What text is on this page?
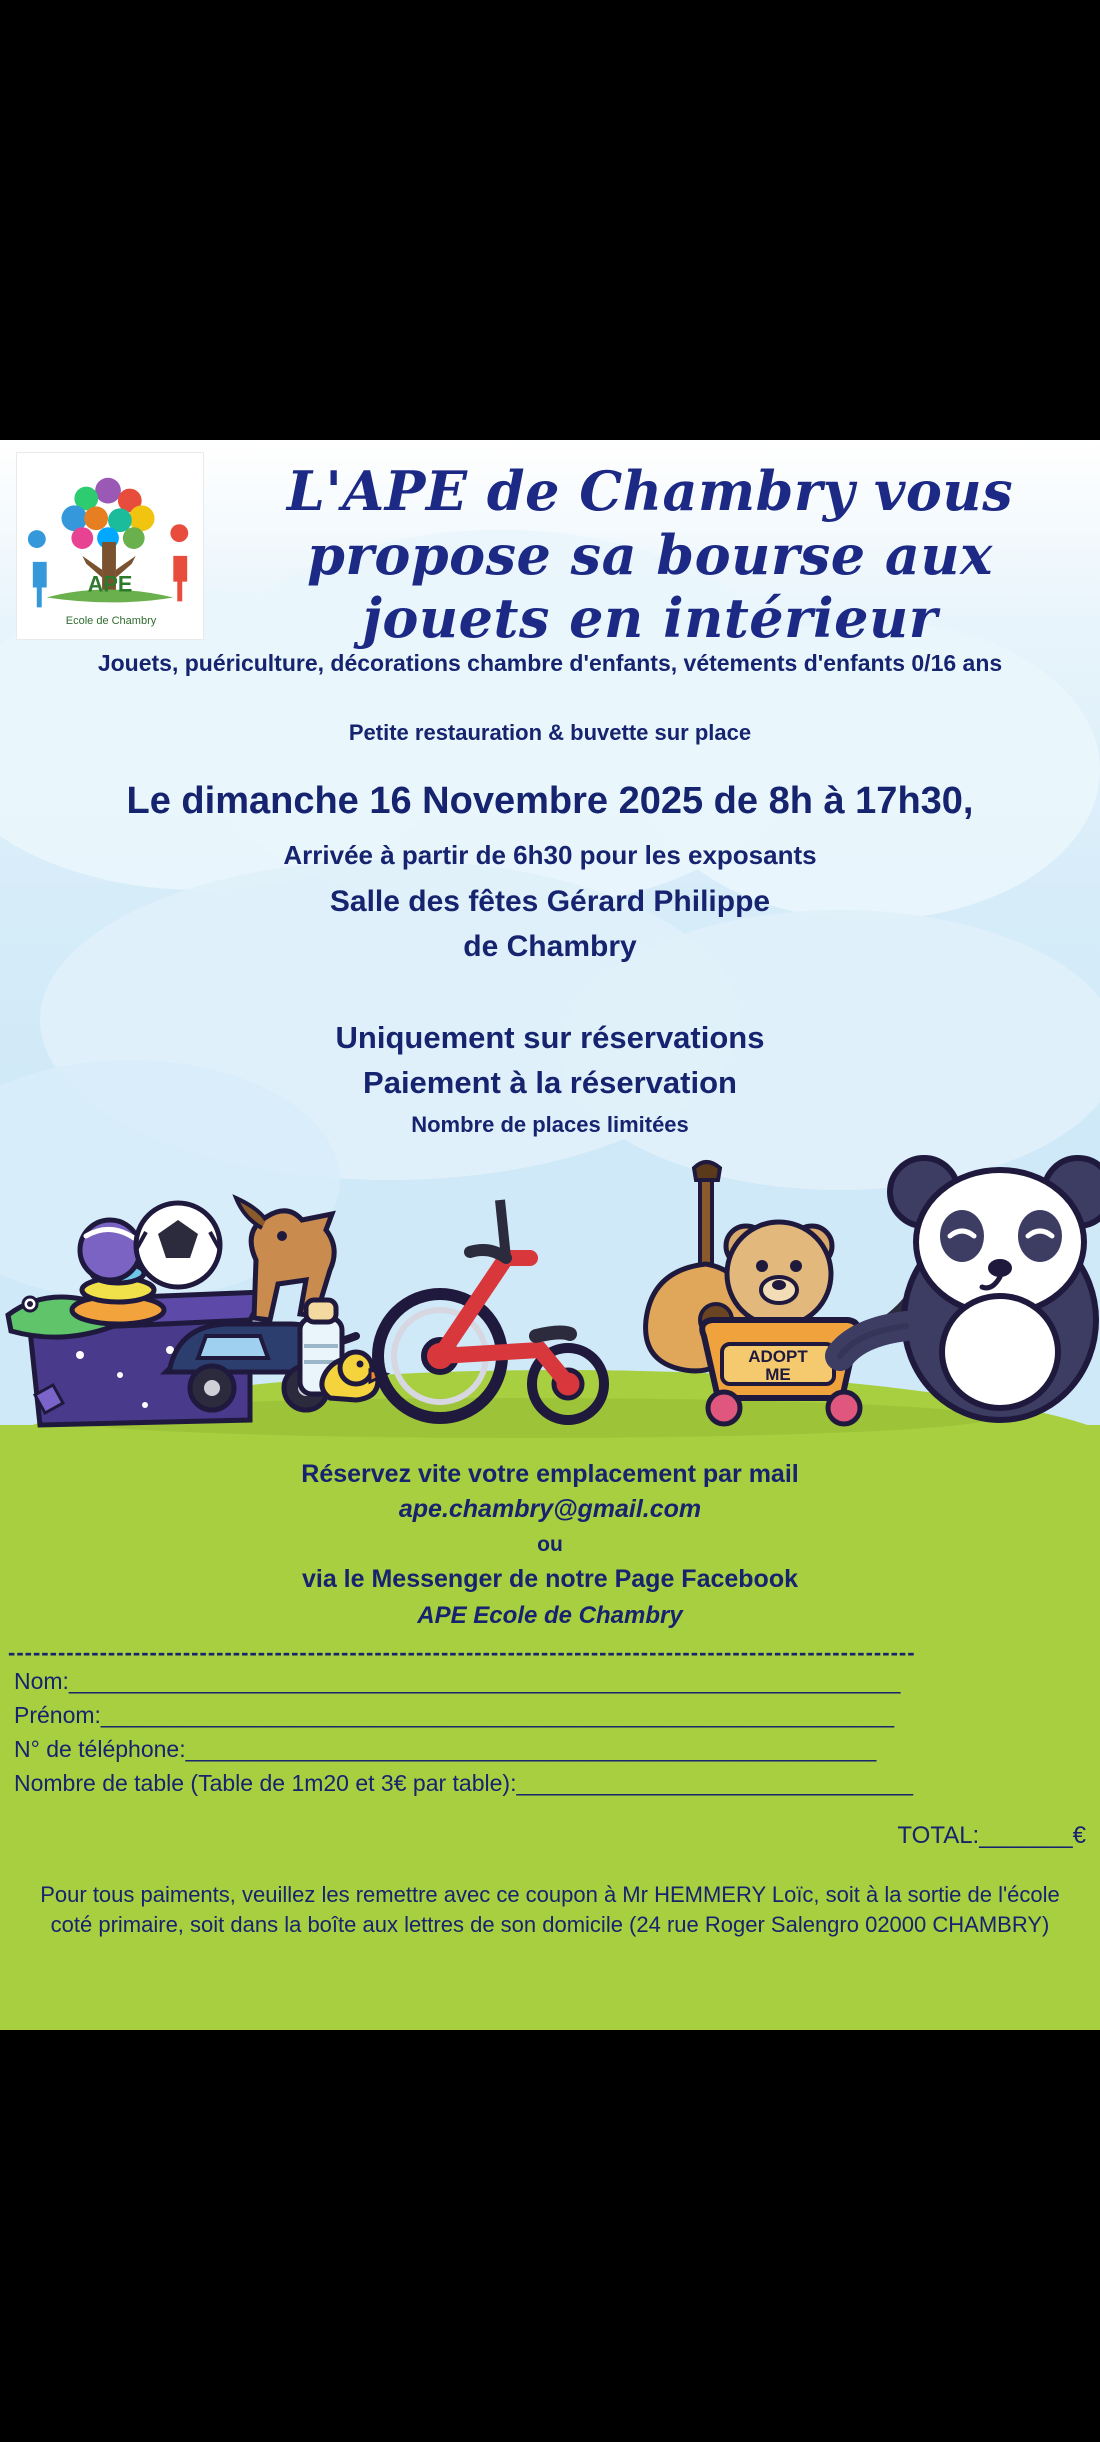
APE
Ecole de Chambry
L'APE de Chambry vous propose sa bourse aux jouets en intérieur
Jouets, puériculture, décorations chambre d'enfants, vétements d'enfants 0/16 ans
Petite restauration & buvette sur place
Le dimanche 16 Novembre 2025 de 8h à 17h30,
Arrivée à partir de 6h30 pour les exposants
Salle des fêtes Gérard Philippe
de Chambry
Uniquement sur réservations
Paiement à la réservation
Nombre de places limitées
ADOPT
ME
Réservez vite votre emplacement par mail
ape.chambry@gmail.com
ou
via le Messenger de notre Page Facebook
APE Ecole de Chambry
-------------------------------------------------------------------------------------------------------------
Nom:_________________________________________________________________
Prénom:______________________________________________________________
N° de téléphone:______________________________________________________
Nombre de table (Table de 1m20 et 3€ par table):_______________________________
TOTAL:_______€
Pour tous paiments, veuillez les remettre avec ce coupon à Mr HEMMERY Loïc, soit à la sortie de l'école coté primaire, soit dans la boîte aux lettres de son domicile (24 rue Roger Salengro 02000 CHAMBRY)
